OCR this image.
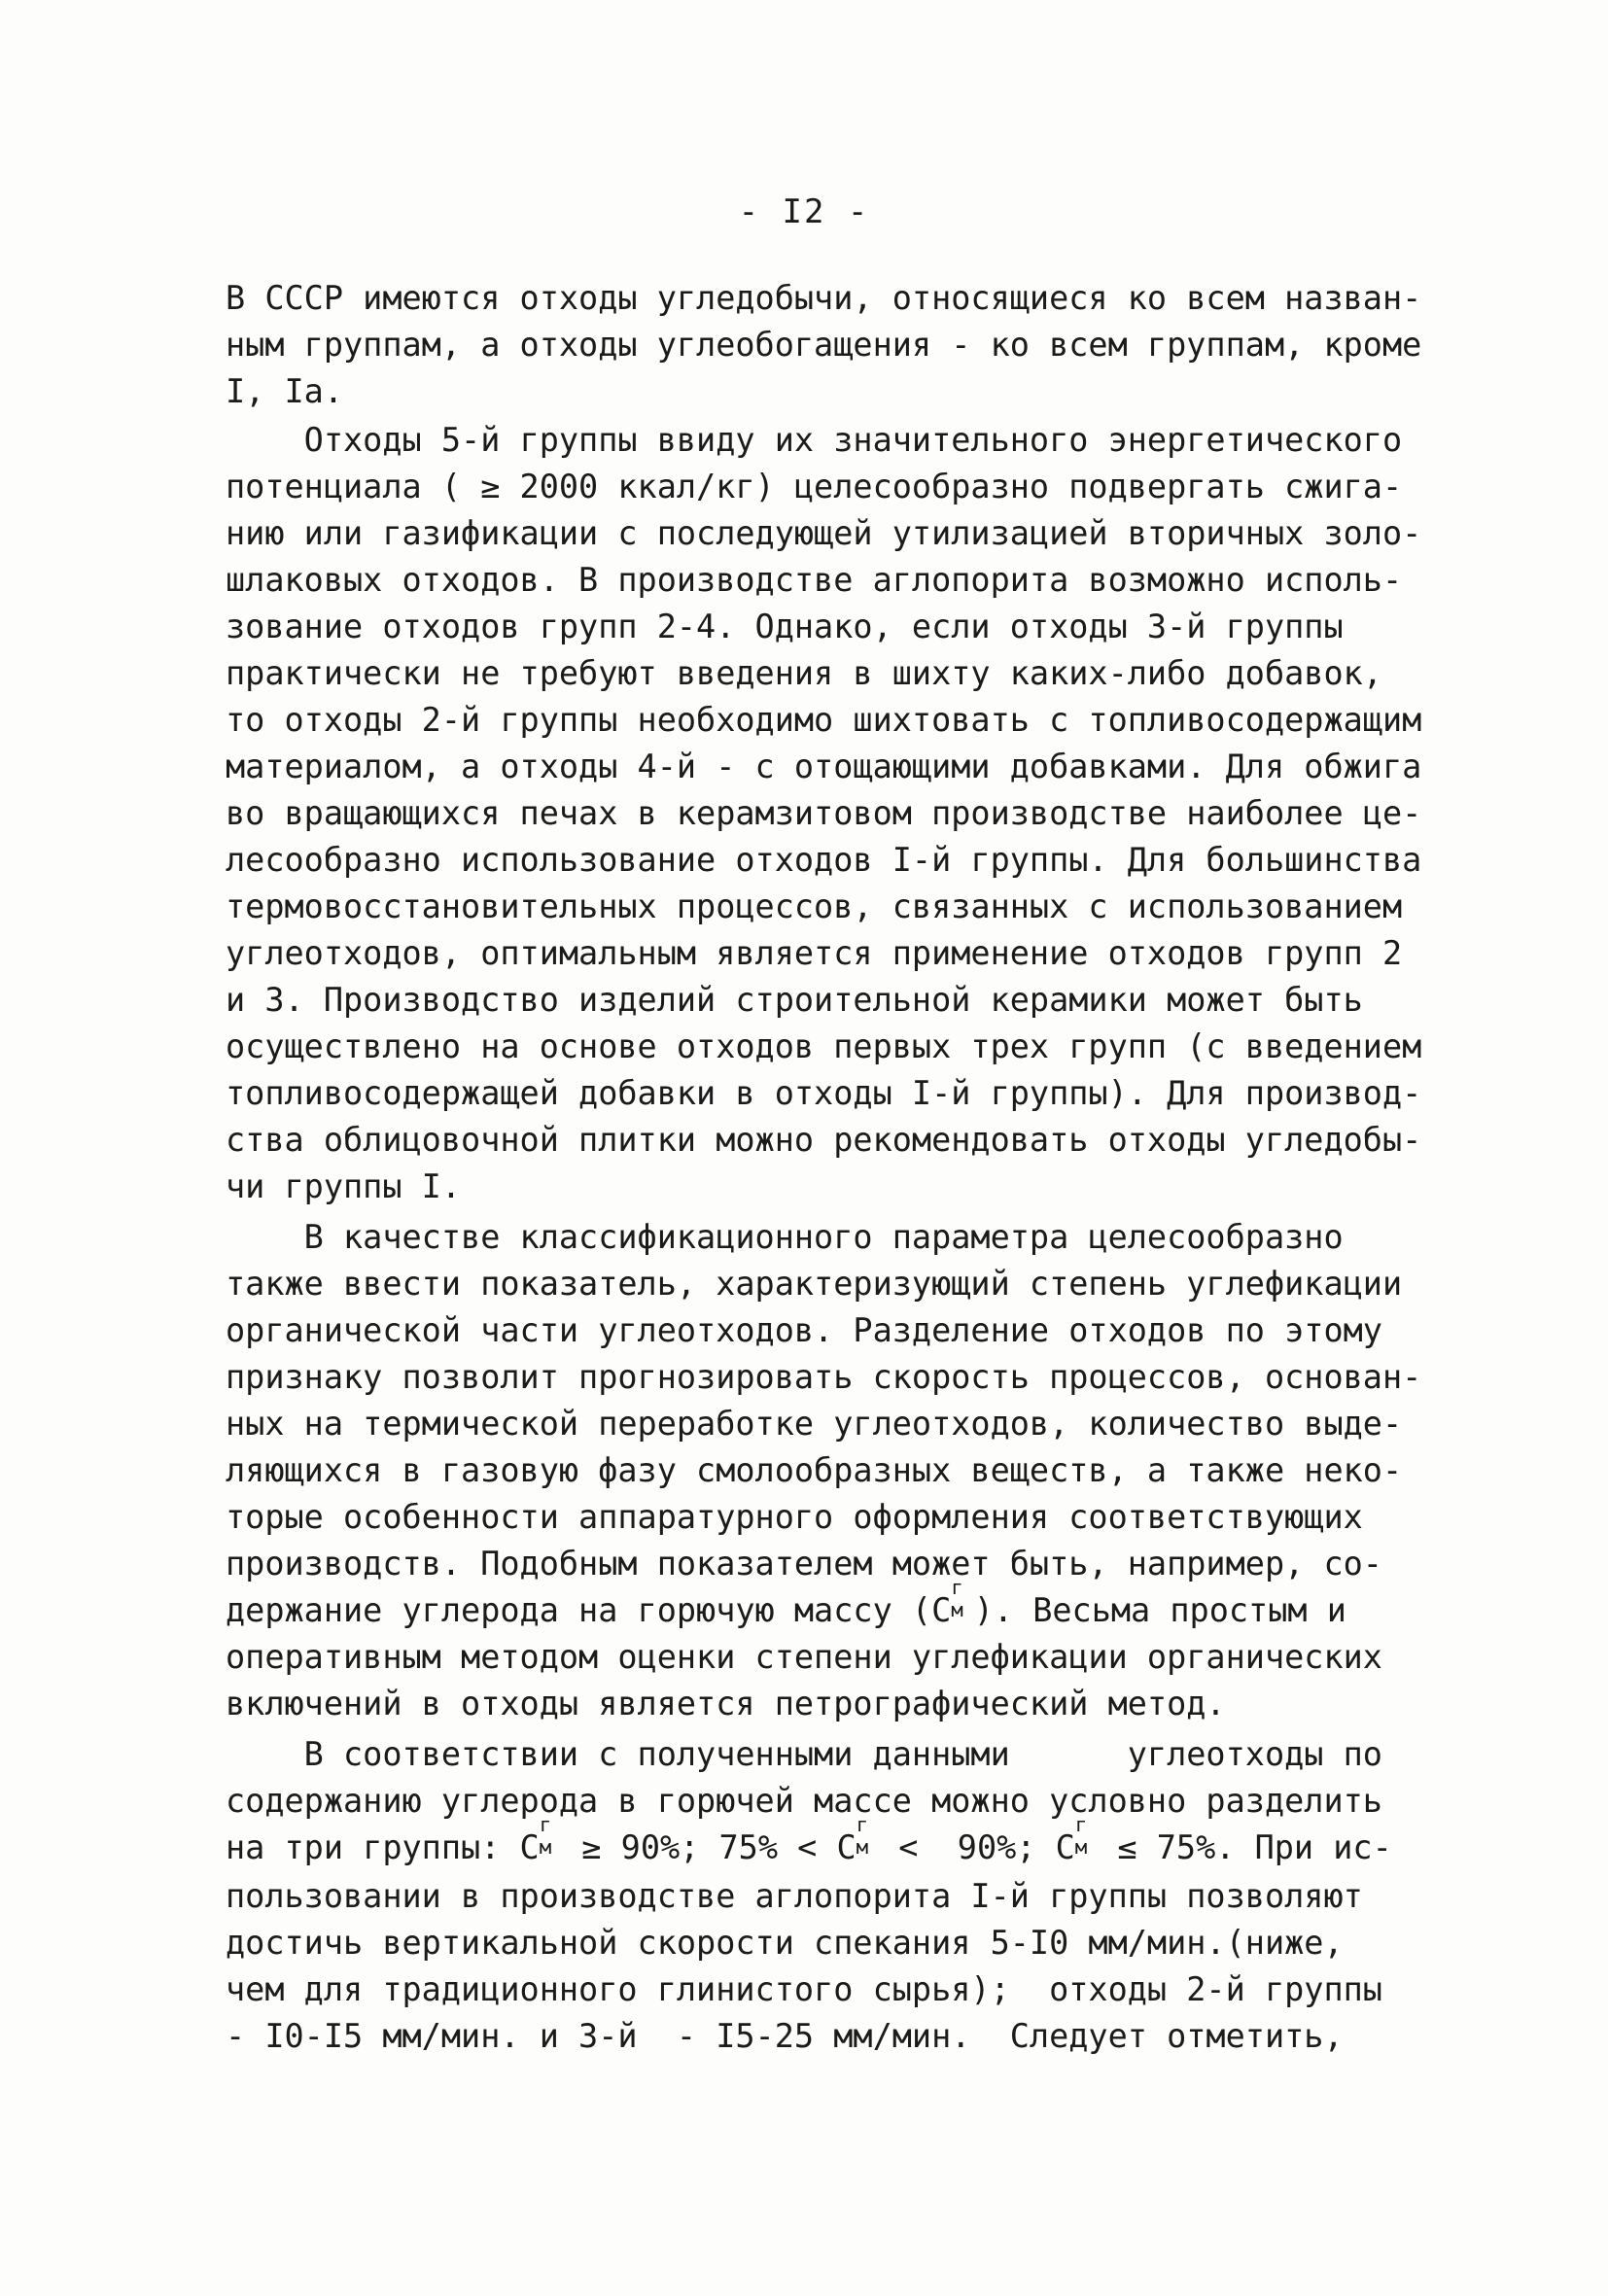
- I2 -
В СССР имеются отходы угледобычи, относящиеся ко всем назван-
ным группам, а отходы углеобогащения - ко всем группам, кроме
I, Iа.
Отходы 5-й группы ввиду их значительного энергетического
потенциала ( ≥ 2000 ккал/кг) целесообразно подвергать сжига-
нию или газификации с последующей утилизацией вторичных золо-
шлаковых отходов. В производстве аглопорита возможно исполь-
зование отходов групп 2-4. Однако, если отходы 3-й группы
практически не требуют введения в шихту каких-либо добавок,
то отходы 2-й группы необходимо шихтовать с топливосодержащим
материалом, а отходы 4-й - с отощающими добавками. Для обжига
во вращающихся печах в керамзитовом производстве наиболее це-
лесообразно использование отходов I-й группы. Для большинства
термовосстановительных процессов, связанных с использованием
углеотходов, оптимальным является применение отходов групп 2
и 3. Производство изделий строительной керамики может быть
осуществлено на основе отходов первых трех групп (с введением
топливосодержащей добавки в отходы I-й группы). Для производ-
ства облицовочной плитки можно рекомендовать отходы угледобы-
чи группы I.
В качестве классификационного параметра целесообразно
также ввести показатель, характеризующий степень углефикации
органической части углеотходов. Разделение отходов по этому
признаку позволит прогнозировать скорость процессов, основан-
ных на термической переработке углеотходов, количество выде-
ляющихся в газовую фазу смолообразных веществ, а также неко-
торые особенности аппаратурного оформления соответствующих
производств. Подобным показателем может быть, например, со-
держание углерода на горючую массу (С
г
м ). Весьма простым и
оперативным методом оценки степени углефикации органических
включений в отходы является петрографический метод.
В соответствии с полученными данными      углеотходы по
содержанию углерода в горючей массе можно условно разделить
на три группы: С
г
м ≥ 90%; 75% < С
г
м <  90%; С
г
м ≤ 75%. При ис-
пользовании в производстве аглопорита I-й группы позволяют
достичь вертикальной скорости спекания 5-I0 мм/мин.(ниже,
чем для традиционного глинистого сырья);  отходы 2-й группы
- I0-I5 мм/мин. и 3-й  - I5-25 мм/мин.  Следует отметить,
